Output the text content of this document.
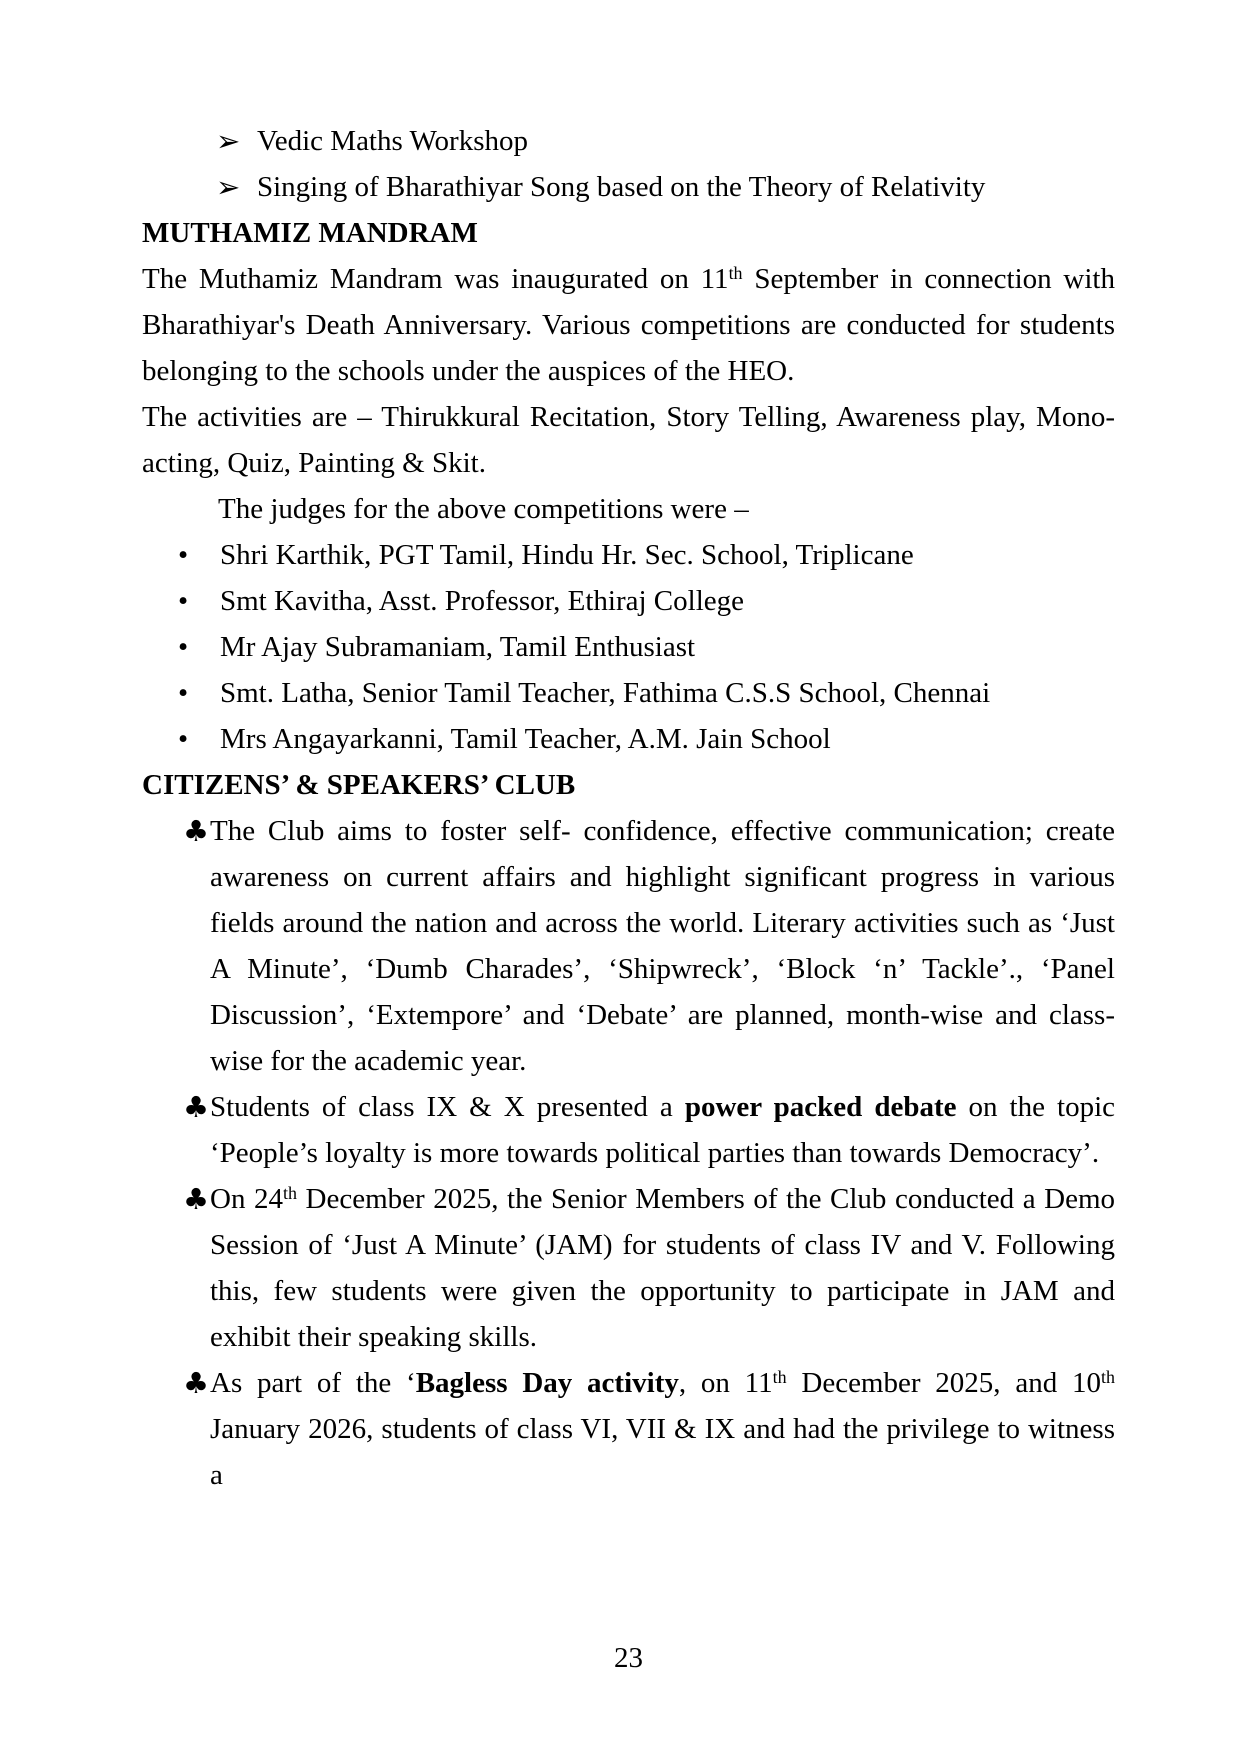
➢ Vedic Maths Workshop
➢ Singing of Bharathiyar Song based on the Theory of Relativity

MUTHAMIZ MANDRAM

The Muthamiz Mandram was inaugurated on 11th September in connection with Bharathiyar's Death Anniversary. Various competitions are conducted for students belonging to the schools under the auspices of the HEO.

The activities are – Thirukkural Recitation, Story Telling, Awareness play, Mono-acting, Quiz, Painting & Skit.

The judges for the above competitions were –

• Shri Karthik, PGT Tamil, Hindu Hr. Sec. School, Triplicane
• Smt Kavitha, Asst. Professor, Ethiraj College
• Mr Ajay Subramaniam, Tamil Enthusiast
• Smt. Latha, Senior Tamil Teacher, Fathima C.S.S School, Chennai
• Mrs Angayarkanni, Tamil Teacher, A.M. Jain School

CITIZENS’ & SPEAKERS’ CLUB

♣ The Club aims to foster self- confidence, effective communication; create awareness on current affairs and highlight significant progress in various fields around the nation and across the world. Literary activities such as ‘Just A Minute’, ‘Dumb Charades’, ‘Shipwreck’, ‘Block ‘n’ Tackle’., ‘Panel Discussion’, ‘Extempore’ and ‘Debate’ are planned, month-wise and class-wise for the academic year.
♣ Students of class IX & X presented a power packed debate on the topic ‘People’s loyalty is more towards political parties than towards Democracy’.
♣ On 24th December 2025, the Senior Members of the Club conducted a Demo Session of ‘Just A Minute’ (JAM) for students of class IV and V. Following this, few students were given the opportunity to participate in JAM and exhibit their speaking skills.
♣ As part of the ‘Bagless Day activity, on 11th December 2025, and 10th January 2026, students of class VI, VII & IX and had the privilege to witness a
23
